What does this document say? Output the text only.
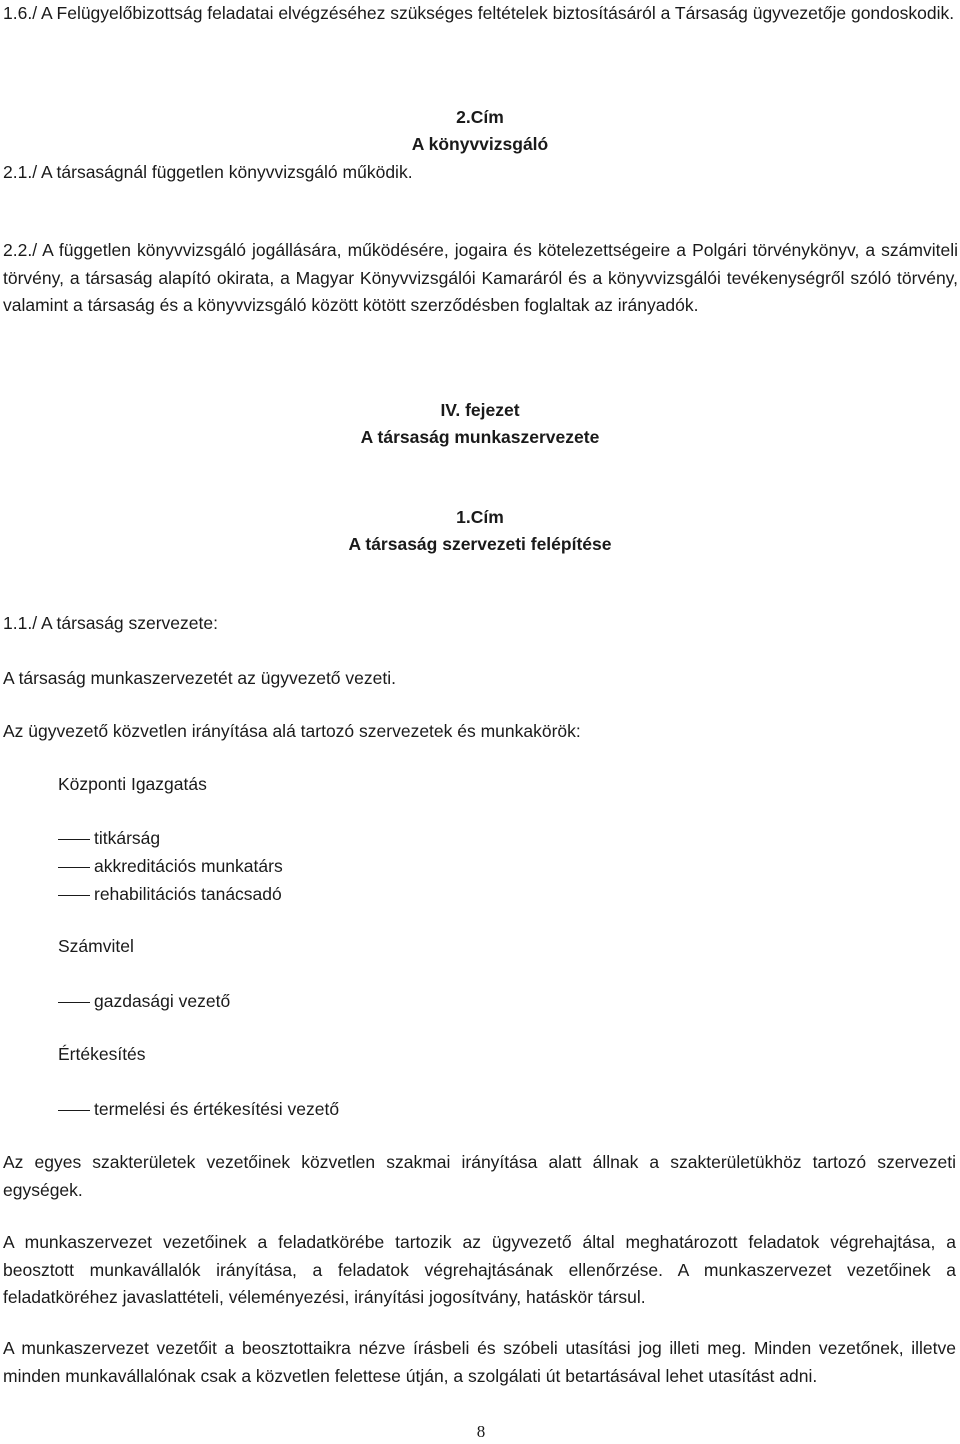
1.6./ A Felügyelőbizottság feladatai elvégzéséhez szükséges feltételek biztosításáról a Társaság ügyvezetője gondoskodik.
2.Cím
A könyvvizsgáló
2.1./ A társaságnál független könyvvizsgáló működik.
2.2./ A független könyvvizsgáló jogállására, működésére, jogaira és kötelezettségeire a Polgári törvénykönyv, a számviteli törvény, a társaság alapító okirata, a Magyar Könyvvizsgálói Kamaráról és a könyvvizsgálói tevékenységről szóló törvény, valamint a társaság és a könyvvizsgáló között kötött szerződésben foglaltak az irányadók.
IV. fejezet
A társaság munkaszervezete
1.Cím
A társaság szervezeti felépítése
1.1./ A társaság szervezete:
A társaság munkaszervezetét az ügyvezető vezeti.
Az ügyvezető közvetlen irányítása alá tartozó szervezetek és munkakörök:
Központi Igazgatás
titkárság
akkreditációs munkatárs
rehabilitációs tanácsadó
Számvitel
gazdasági vezető
Értékesítés
termelési és értékesítési vezető
Az egyes szakterületek vezetőinek közvetlen szakmai irányítása alatt állnak a szakterületükhöz tartozó szervezeti egységek.
A munkaszervezet vezetőinek a feladatkörébe tartozik az ügyvezető által meghatározott feladatok végrehajtása, a beosztott munkavállalók irányítása, a feladatok végrehajtásának ellenőrzése. A munkaszervezet vezetőinek a feladatköréhez javaslattételi, véleményezési, irányítási jogosítvány, hatáskör társul.
A munkaszervezet vezetőit a beosztottaikra nézve írásbeli és szóbeli utasítási jog illeti meg. Minden vezetőnek, illetve minden munkavállalónak csak a közvetlen felettese útján, a szolgálati út betartásával lehet utasítást adni.
8
